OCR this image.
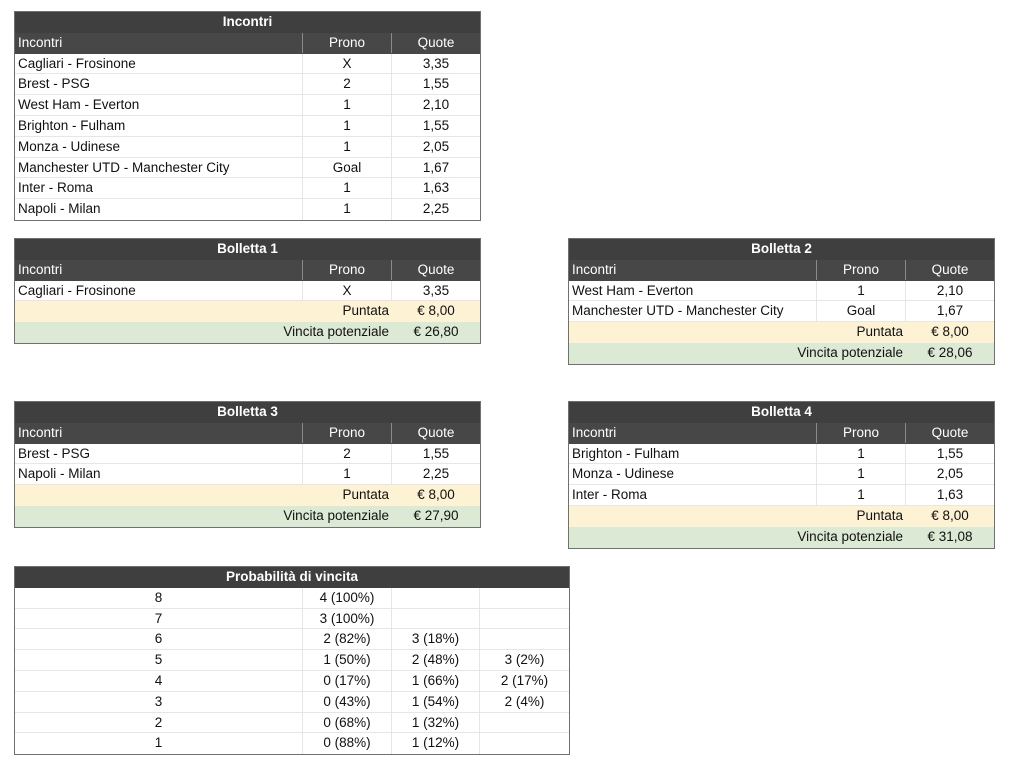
Incontri
Incontri	Prono	Quote
Cagliari - Frosinone	X	3,35
Brest - PSG	2	1,55
West Ham - Everton	1	2,10
Brighton - Fulham	1	1,55
Monza - Udinese	1	2,05
Manchester UTD - Manchester City	Goal	1,67
Inter - Roma	1	1,63
Napoli - Milan	1	2,25
Bolletta 1
Incontri	Prono	Quote
Cagliari - Frosinone	X	3,35
Puntata	€ 8,00
Vincita potenziale	€ 26,80
Bolletta 2
Incontri	Prono	Quote
West Ham - Everton	1	2,10
Manchester UTD - Manchester City	Goal	1,67
Puntata	€ 8,00
Vincita potenziale	€ 28,06
Bolletta 3
Incontri	Prono	Quote
Brest - PSG	2	1,55
Napoli - Milan	1	2,25
Puntata	€ 8,00
Vincita potenziale	€ 27,90
Bolletta 4
Incontri	Prono	Quote
Brighton - Fulham	1	1,55
Monza - Udinese	1	2,05
Inter - Roma	1	1,63
Puntata	€ 8,00
Vincita potenziale	€ 31,08
Probabilità di vincita
8	4 (100%)
7	3 (100%)
6	2 (82%)	3 (18%)
5	1 (50%)	2 (48%)	3 (2%)
4	0 (17%)	1 (66%)	2 (17%)
3	0 (43%)	1 (54%)	2 (4%)
2	0 (68%)	1 (32%)
1	0 (88%)	1 (12%)
